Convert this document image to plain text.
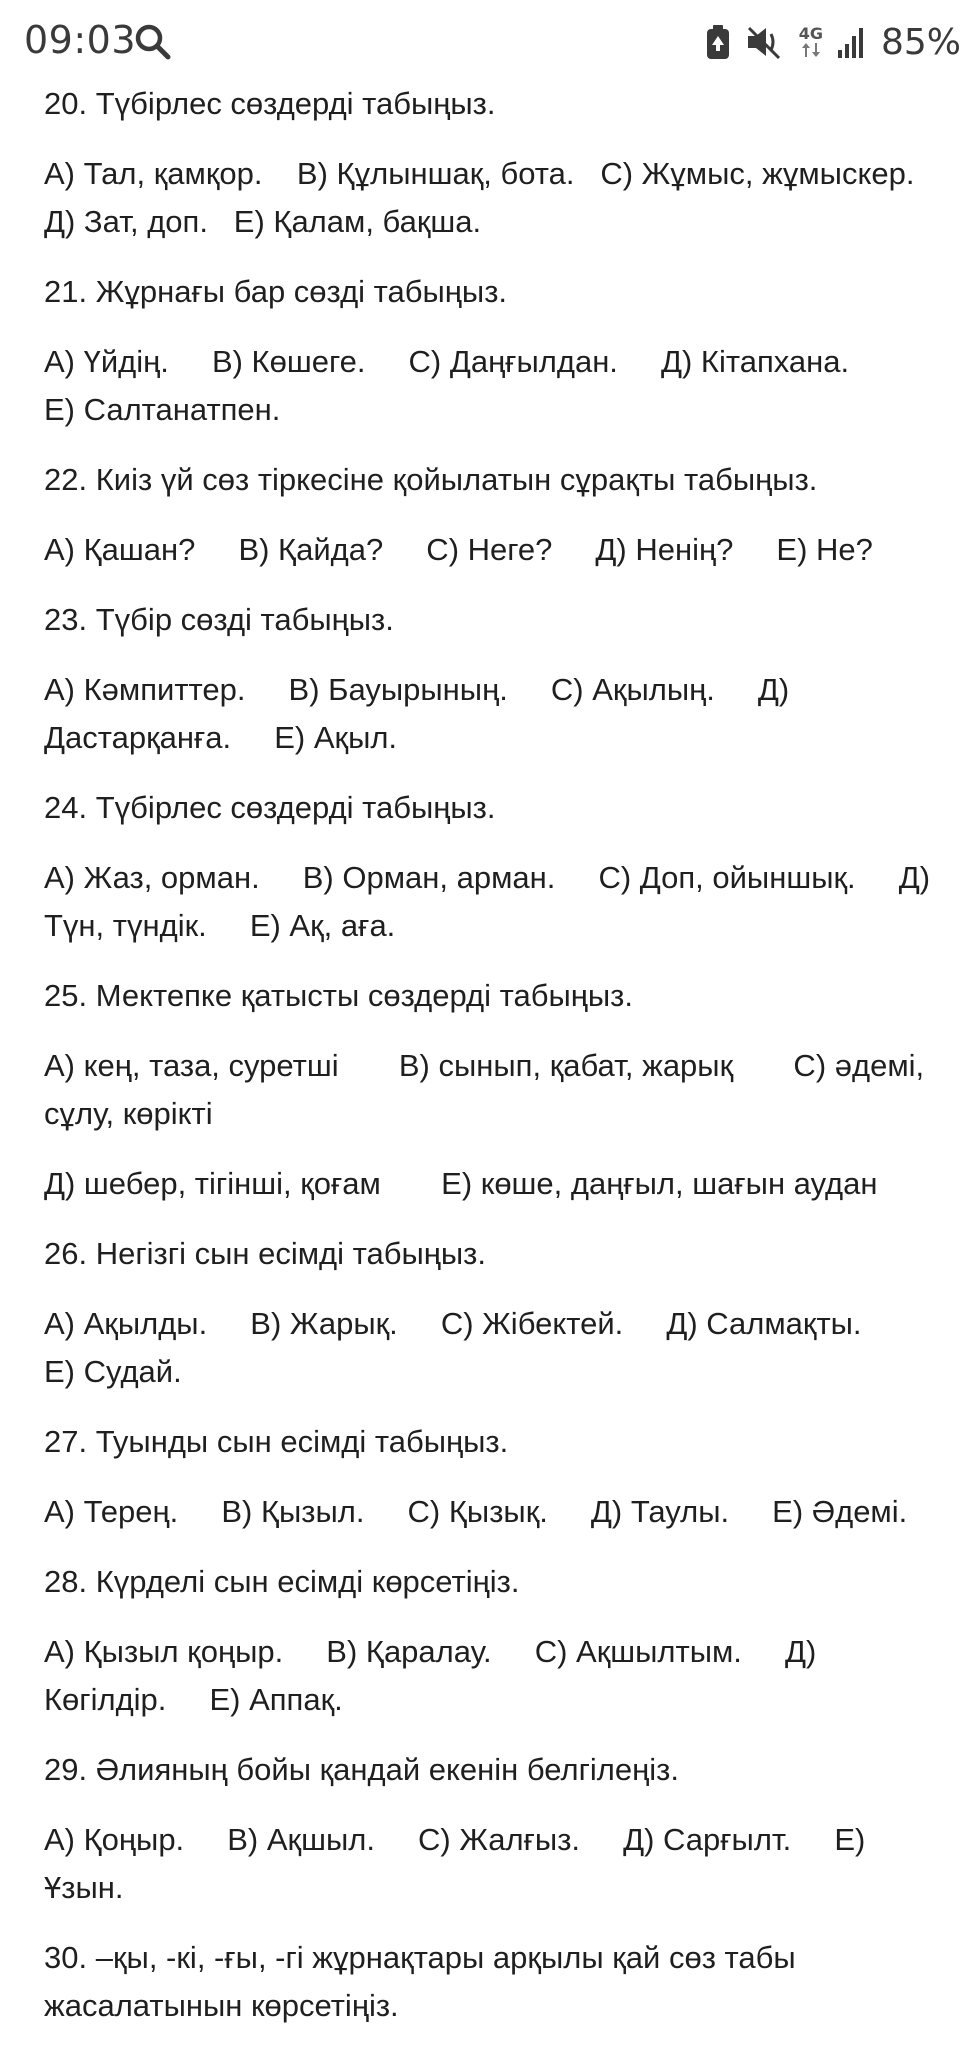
09:03	4G 85%
20. Түбірлес сөздерді табыңыз.
A) Тал, қамқор.    B) Құлыншақ, бота.   C) Жұмыс, жұмыскер.
Д) Зат, доп.   E) Қалам, бақша.
21. Жұрнағы бар сөзді табыңыз.
A) Үйдің.     B) Көшеге.     C) Даңғылдан.     Д) Кітапхана.
E) Салтанатпен.
22. Киіз үй сөз тіркесіне қойылатын сұрақты табыңыз.
A) Қашан?     B) Қайда?     C) Неге?     Д) Ненің?     E) Не?
23. Түбір сөзді табыңыз.
A) Кәмпиттер.     B) Бауырының.     C) Ақылың.     Д)
Дастарқанға.     E) Ақыл.
24. Түбірлес сөздерді табыңыз.
A) Жаз, орман.     B) Орман, арман.     C) Доп, ойыншық.     Д)
Түн, түндік.     E) Ақ, аға.
25. Мектепке қатысты сөздерді табыңыз.
A) кең, таза, суретші       B) сынып, қабат, жарық       C) әдемі,
сұлу, көрікті
Д) шебер, тігінші, қоғам       E) көше, даңғыл, шағын аудан
26. Негізгі сын есімді табыңыз.
A) Ақылды.     B) Жарық.     C) Жібектей.     Д) Салмақты.
E) Судай.
27. Туынды сын есімді табыңыз.
A) Терең.     B) Қызыл.     C) Қызық.     Д) Таулы.     E) Әдемі.
28. Күрделі сын есімді көрсетіңіз.
A) Қызыл қоңыр.     B) Қаралау.     C) Ақшылтым.     Д)
Көгілдір.     E) Аппақ.
29. Әлияның бойы қандай екенін белгілеңіз.
A) Қоңыр.     B) Ақшыл.     C) Жалғыз.     Д) Сарғылт.     E)
Ұзын.
30. –қы, -кі, -ғы, -гі жұрнақтары арқылы қай сөз табы
жасалатынын көрсетіңіз.
